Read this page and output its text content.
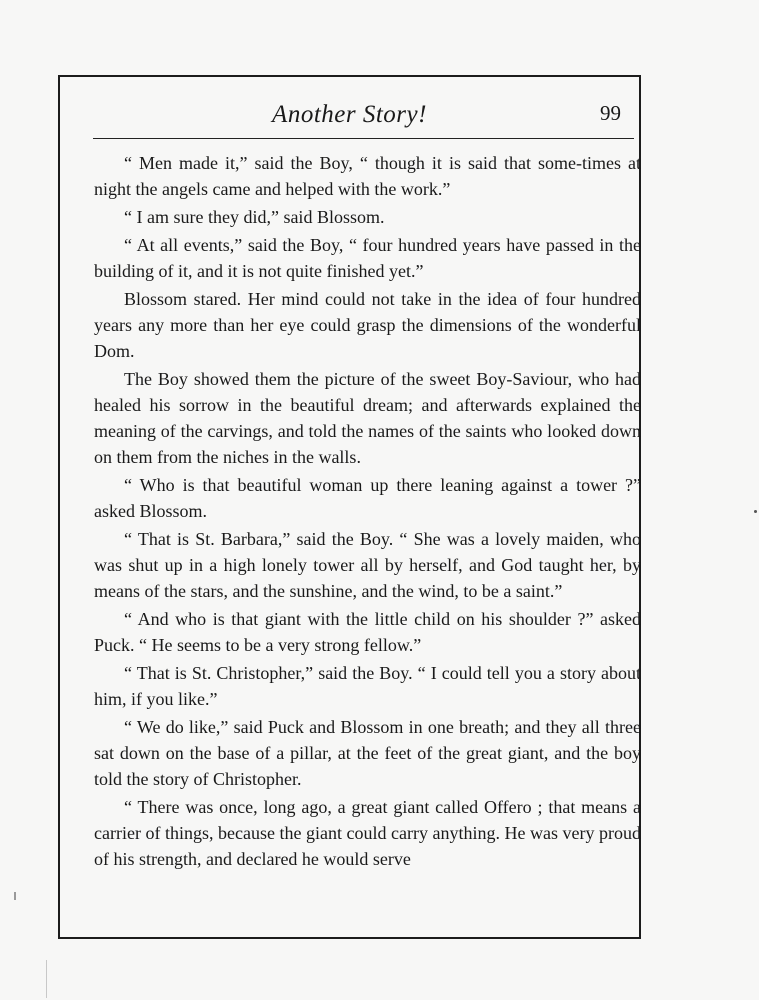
Another Story!	99

“ Men made it,” said the Boy, “ though it is said that some-times at night the angels came and helped with the work.”

“ I am sure they did,” said Blossom.

“ At all events,” said the Boy, “ four hundred years have passed in the building of it, and it is not quite finished yet.”

Blossom stared. Her mind could not take in the idea of four hundred years any more than her eye could grasp the dimensions of the wonderful Dom.

The Boy showed them the picture of the sweet Boy-Saviour, who had healed his sorrow in the beautiful dream; and afterwards explained the meaning of the carvings, and told the names of the saints who looked down on them from the niches in the walls.

“ Who is that beautiful woman up there leaning against a tower ?” asked Blossom.

“ That is St. Barbara,” said the Boy. “ She was a lovely maiden, who was shut up in a high lonely tower all by herself, and God taught her, by means of the stars, and the sunshine, and the wind, to be a saint.”

“ And who is that giant with the little child on his shoulder ?” asked Puck. “ He seems to be a very strong fellow.”

“ That is St. Christopher,” said the Boy. “ I could tell you a story about him, if you like.”

“ We do like,” said Puck and Blossom in one breath; and they all three sat down on the base of a pillar, at the feet of the great giant, and the boy told the story of Christopher.

“ There was once, long ago, a great giant called Offero ; that means a carrier of things, because the giant could carry anything. He was very proud of his strength, and declared he would serve
